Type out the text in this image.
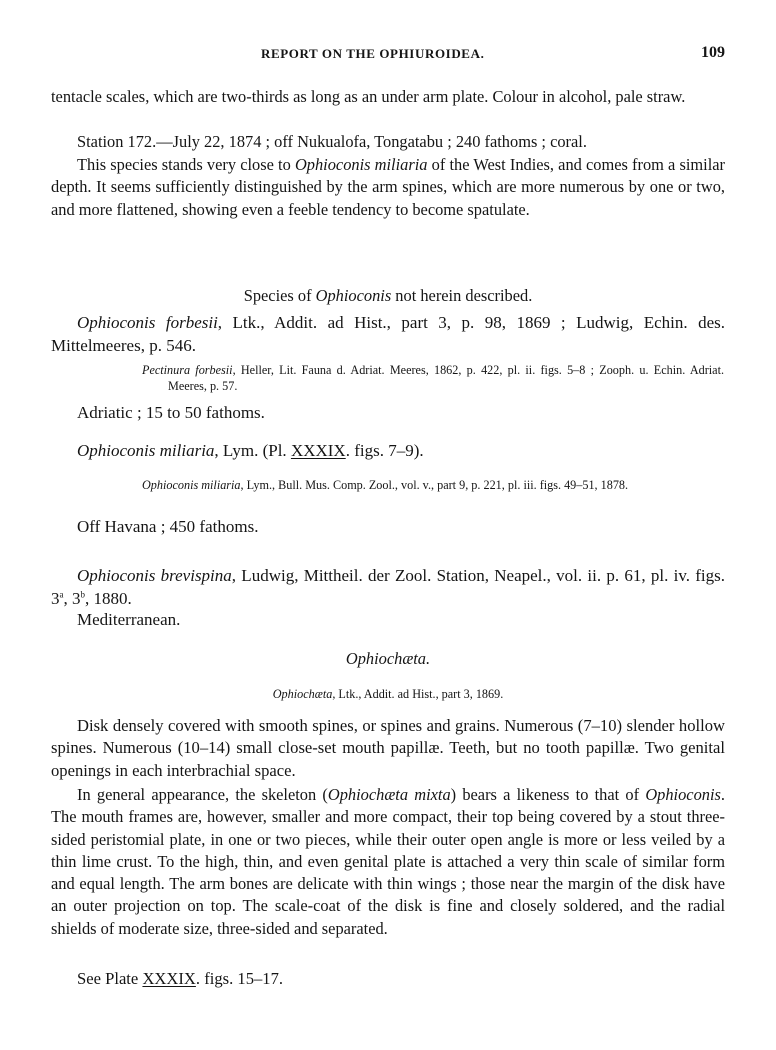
REPORT ON THE OPHIUROIDEA.	109

tentacle scales, which are two-thirds as long as an under arm plate. Colour in alcohol, pale straw.

Station 172.—July 22, 1874 ; off Nukualofa, Tongatabu ; 240 fathoms ; coral.

This species stands very close to Ophioconis miliaria of the West Indies, and comes from a similar depth. It seems sufficiently distinguished by the arm spines, which are more numerous by one or two, and more flattened, showing even a feeble tendency to become spatulate.

Species of Ophioconis not herein described.

Ophioconis forbesii, Ltk., Addit. ad Hist., part 3, p. 98, 1869 ; Ludwig, Echin. des. Mittelmeeres, p. 546.

Pectinura forbesii, Heller, Lit. Fauna d. Adriat. Meeres, 1862, p. 422, pl. ii. figs. 5–8 ; Zooph. u. Echin. Adriat. Meeres, p. 57.

Adriatic ; 15 to 50 fathoms.

Ophioconis miliaria, Lym. (Pl. XXXIX. figs. 7–9).

Ophioconis miliaria, Lym., Bull. Mus. Comp. Zool., vol. v., part 9, p. 221, pl. iii. figs. 49–51, 1878.

Off Havana ; 450 fathoms.

Ophioconis brevispina, Ludwig, Mittheil. der Zool. Station, Neapel., vol. ii. p. 61, pl. iv. figs. 3$^a$, 3$^b$, 1880.

Mediterranean.

Ophiochæta.

Ophiochæta, Ltk., Addit. ad Hist., part 3, 1869.

Disk densely covered with smooth spines, or spines and grains. Numerous (7–10) slender hollow spines. Numerous (10–14) small close-set mouth papillæ. Teeth, but no tooth papillæ. Two genital openings in each interbrachial space.

In general appearance, the skeleton (Ophiochæta mixta) bears a likeness to that of Ophioconis. The mouth frames are, however, smaller and more compact, their top being covered by a stout three-sided peristomial plate, in one or two pieces, while their outer open angle is more or less veiled by a thin lime crust. To the high, thin, and even genital plate is attached a very thin scale of similar form and equal length. The arm bones are delicate with thin wings ; those near the margin of the disk have an outer projection on top. The scale-coat of the disk is fine and closely soldered, and the radial shields of moderate size, three-sided and separated.

See Plate XXXIX. figs. 15–17.
